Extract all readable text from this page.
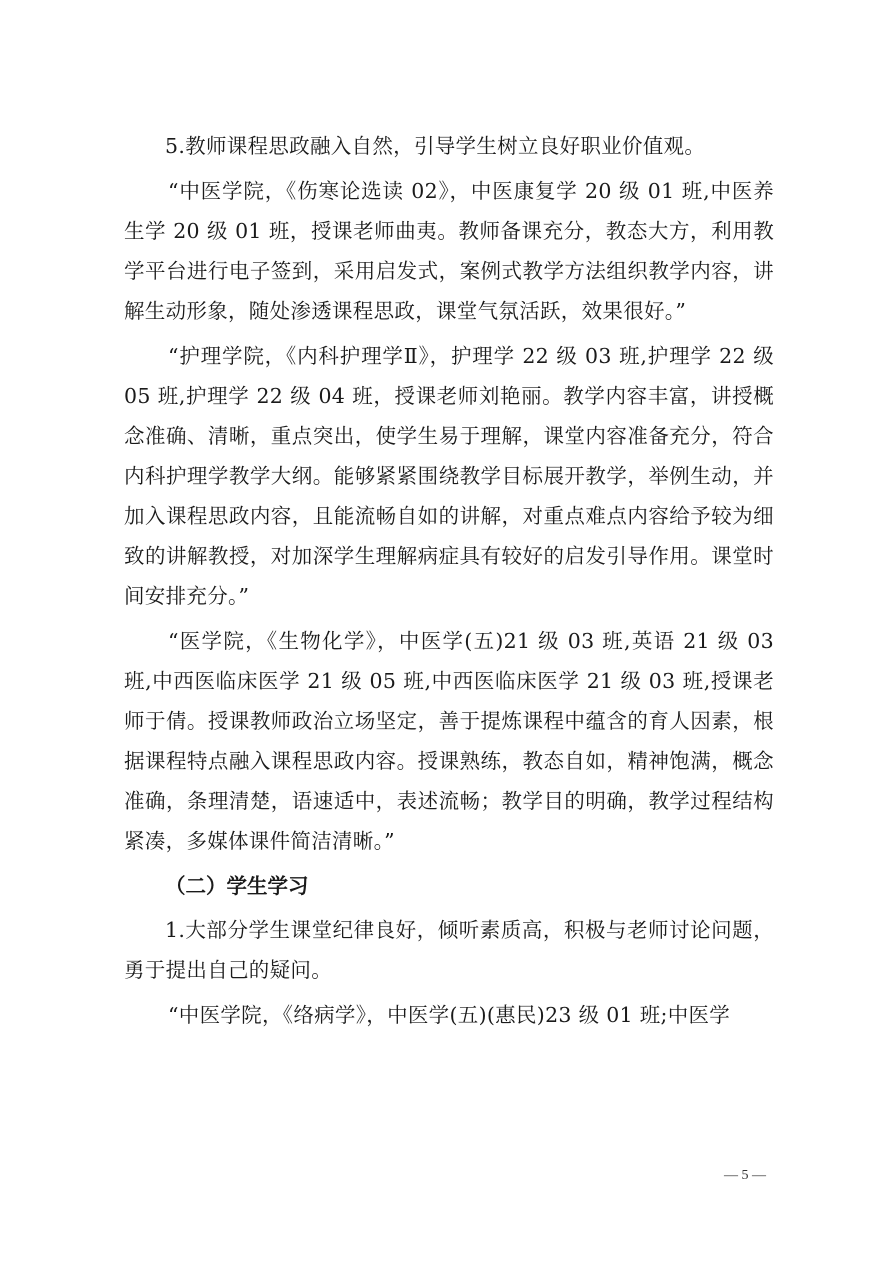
5.教师课程思政融入自然，引导学生树立良好职业价值观。

“中医学院，《伤寒论选读 02》，中医康复学 20 级 01 班,中医养生学 20 级 01 班，授课老师曲夷。教师备课充分，教态大方，利用教学平台进行电子签到，采用启发式，案例式教学方法组织教学内容，讲解生动形象，随处渗透课程思政，课堂气氛活跃，效果很好。”

“护理学院，《内科护理学Ⅱ》，护理学 22 级 03 班,护理学 22 级 05 班,护理学 22 级 04 班，授课老师刘艳丽。教学内容丰富，讲授概念准确、清晰，重点突出，使学生易于理解，课堂内容准备充分，符合内科护理学教学大纲。能够紧紧围绕教学目标展开教学，举例生动，并加入课程思政内容，且能流畅自如的讲解，对重点难点内容给予较为细致的讲解教授，对加深学生理解病症具有较好的启发引导作用。课堂时间安排充分。”

“医学院，《生物化学》，中医学(五)21 级 03 班,英语 21 级 03 班,中西医临床医学 21 级 05 班,中西医临床医学 21 级 03 班,授课老师于倩。授课教师政治立场坚定，善于提炼课程中蕴含的育人因素，根据课程特点融入课程思政内容。授课熟练，教态自如，精神饱满，概念准确，条理清楚，语速适中，表述流畅；教学目的明确，教学过程结构紧凑，多媒体课件简洁清晰。”

（二）学生学习

1.大部分学生课堂纪律良好，倾听素质高，积极与老师讨论问题，勇于提出自己的疑问。

“中医学院，《络病学》，中医学(五)(惠民)23 级 01 班;中医学

— 5 —
